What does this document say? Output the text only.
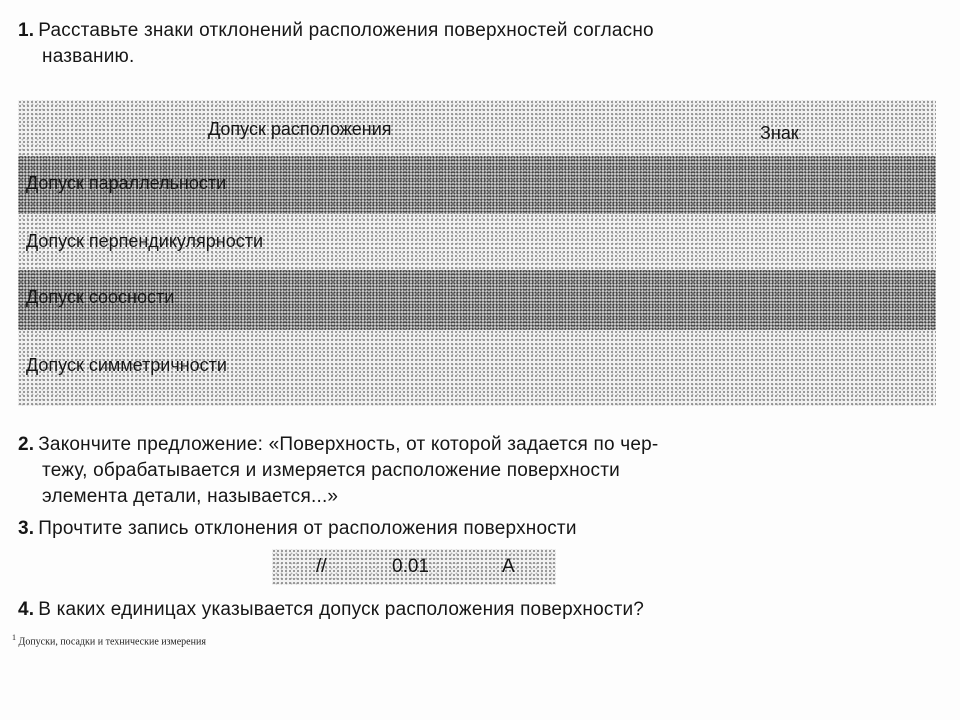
1. Расставьте знаки отклонений расположения поверхностей согласно
названию.
Допуск расположения	Знак
Допуск параллельности
Допуск перпендикулярности
Допуск соосности
Допуск симметричности
2. Закончите предложение: «Поверхность, от которой задается по чер-
тежу, обрабатывается и измеряется расположение поверхности
элемента детали, называется...»
3. Прочтите запись отклонения от расположения поверхности
//	0.01	A
4. В каких единицах указывается допуск расположения поверхности?
$^1$ Допуски, посадки и технические измерения
